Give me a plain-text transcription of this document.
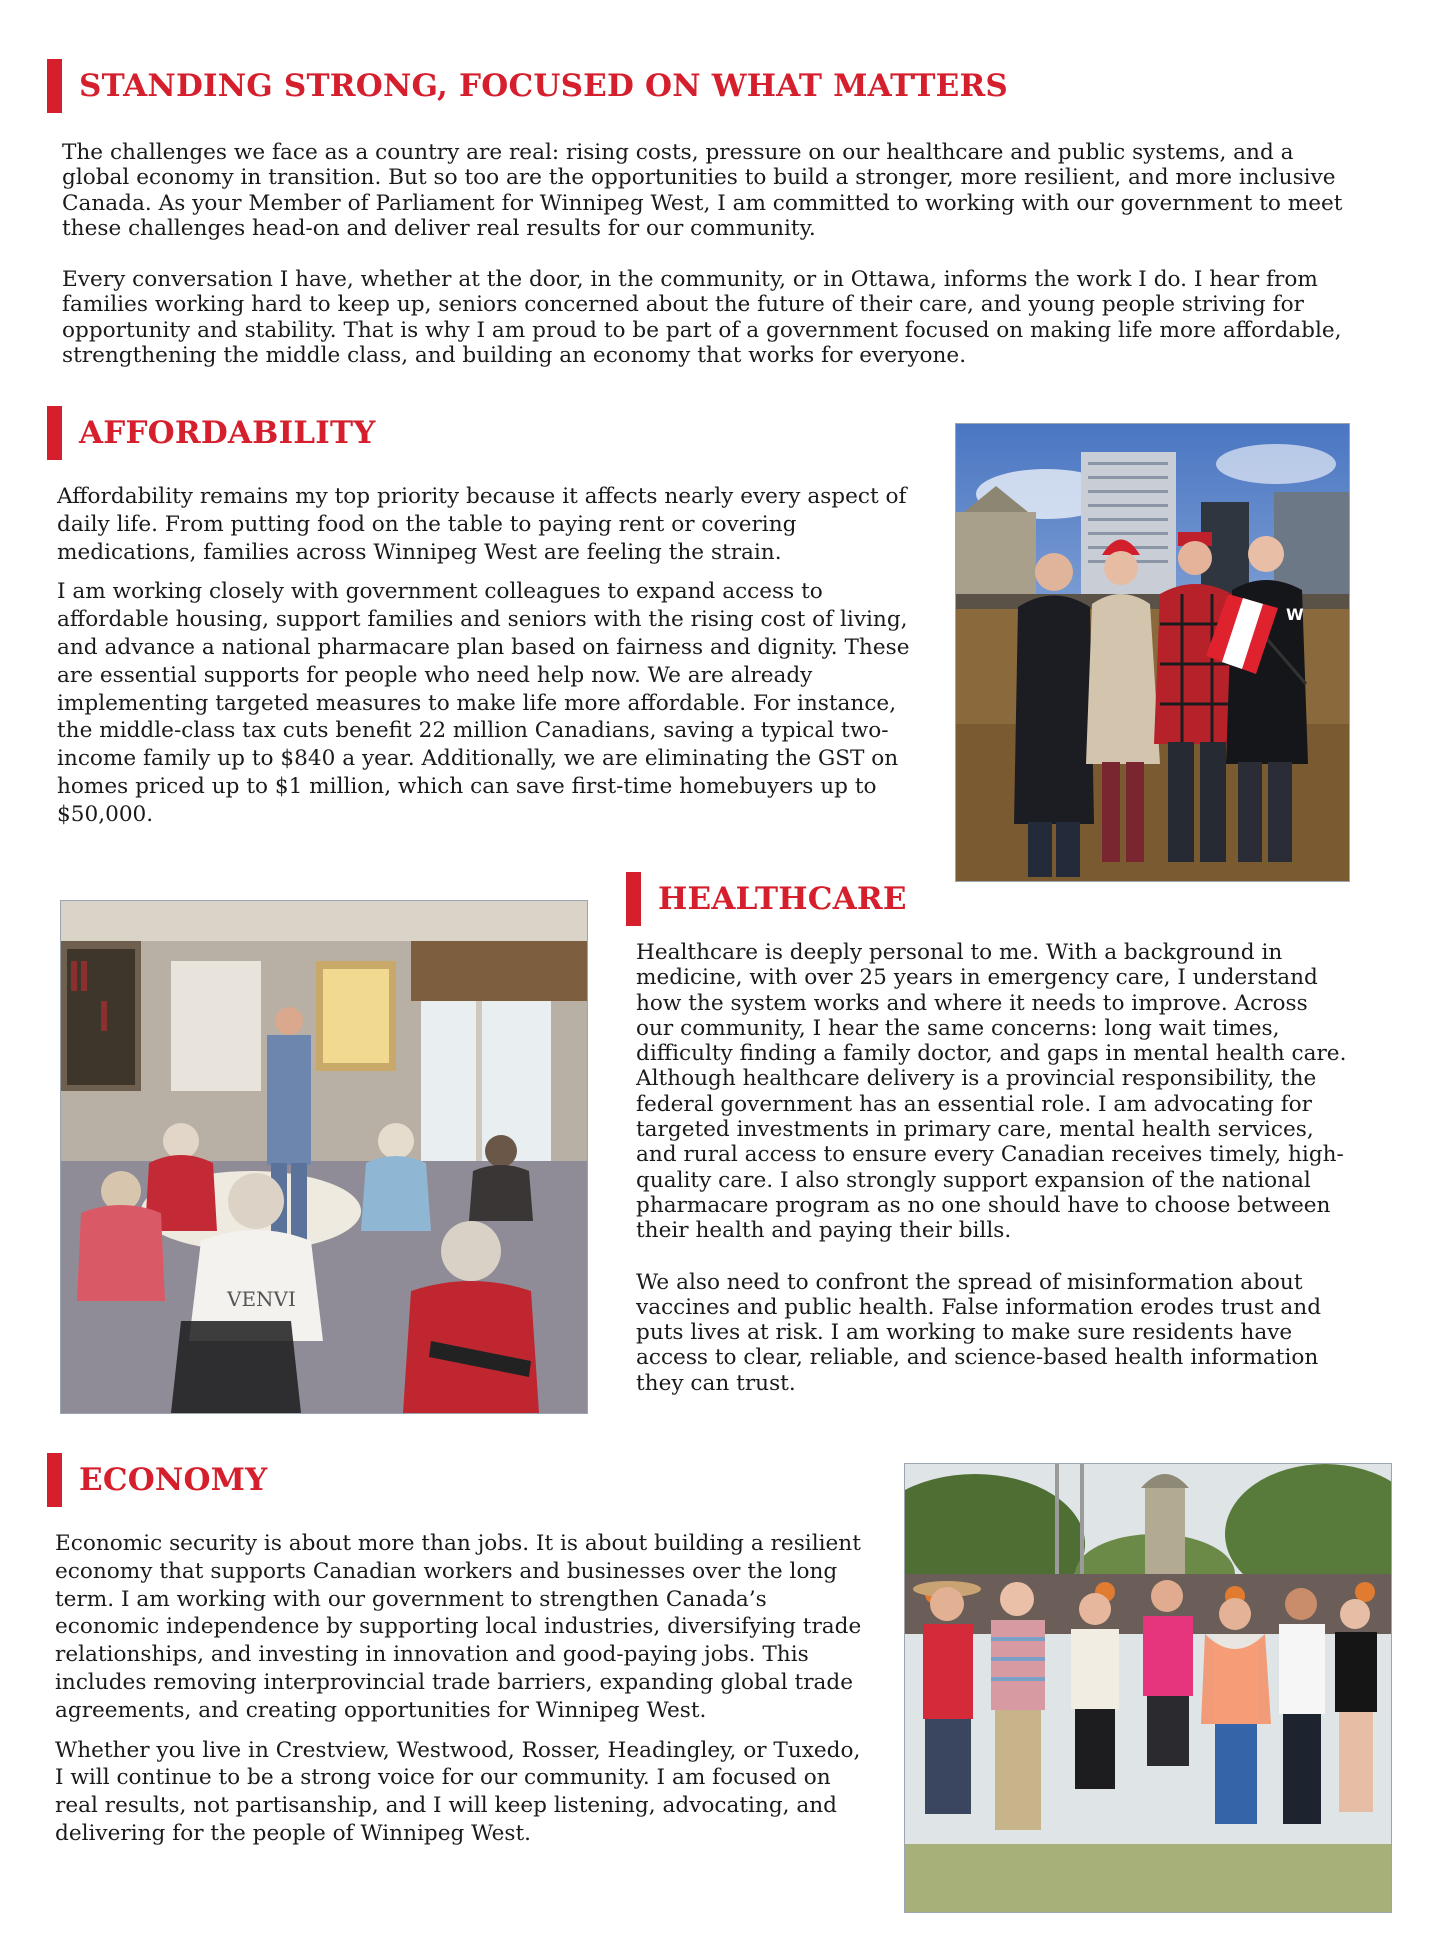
STANDING STRONG, FOCUSED ON WHAT MATTERS

The challenges we face as a country are real: rising costs, pressure on our healthcare and public systems, and a global economy in transition. But so too are the opportunities to build a stronger, more resilient, and more inclusive Canada. As your Member of Parliament for Winnipeg West, I am committed to working with our government to meet these challenges head-on and deliver real results for our community.

Every conversation I have, whether at the door, in the community, or in Ottawa, informs the work I do. I hear from families working hard to keep up, seniors concerned about the future of their care, and young people striving for opportunity and stability. That is why I am proud to be part of a government focused on making life more affordable, strengthening the middle class, and building an economy that works for everyone.

AFFORDABILITY

Affordability remains my top priority because it affects nearly every aspect of daily life. From putting food on the table to paying rent or covering medications, families across Winnipeg West are feeling the strain.

I am working closely with government colleagues to expand access to affordable housing, support families and seniors with the rising cost of living, and advance a national pharmacare plan based on fairness and dignity. These are essential supports for people who need help now. We are already implementing targeted measures to make life more affordable. For instance, the middle-class tax cuts benefit 22 million Canadians, saving a typical two-income family up to $840 a year. Additionally, we are eliminating the GST on homes priced up to $1 million, which can save first-time homebuyers up to $50,000.

W
VENVI
HEALTHCARE

Healthcare is deeply personal to me. With a background in medicine, with over 25 years in emergency care, I understand how the system works and where it needs to improve. Across our community, I hear the same concerns: long wait times, difficulty finding a family doctor, and gaps in mental health care. Although healthcare delivery is a provincial responsibility, the federal government has an essential role. I am advocating for targeted investments in primary care, mental health services, and rural access to ensure every Canadian receives timely, high-quality care. I also strongly support expansion of the national pharmacare program as no one should have to choose between their health and paying their bills.

We also need to confront the spread of misinformation about vaccines and public health. False information erodes trust and puts lives at risk. I am working to make sure residents have access to clear, reliable, and science-based health information they can trust.

ECONOMY

Economic security is about more than jobs. It is about building a resilient economy that supports Canadian workers and businesses over the long term. I am working with our government to strengthen Canada’s economic independence by supporting local industries, diversifying trade relationships, and investing in innovation and good-paying jobs. This includes removing interprovincial trade barriers, expanding global trade agreements, and creating opportunities for Winnipeg West.

Whether you live in Crestview, Westwood, Rosser, Headingley, or Tuxedo, I will continue to be a strong voice for our community. I am focused on real results, not partisanship, and I will keep listening, advocating, and delivering for the people of Winnipeg West.
